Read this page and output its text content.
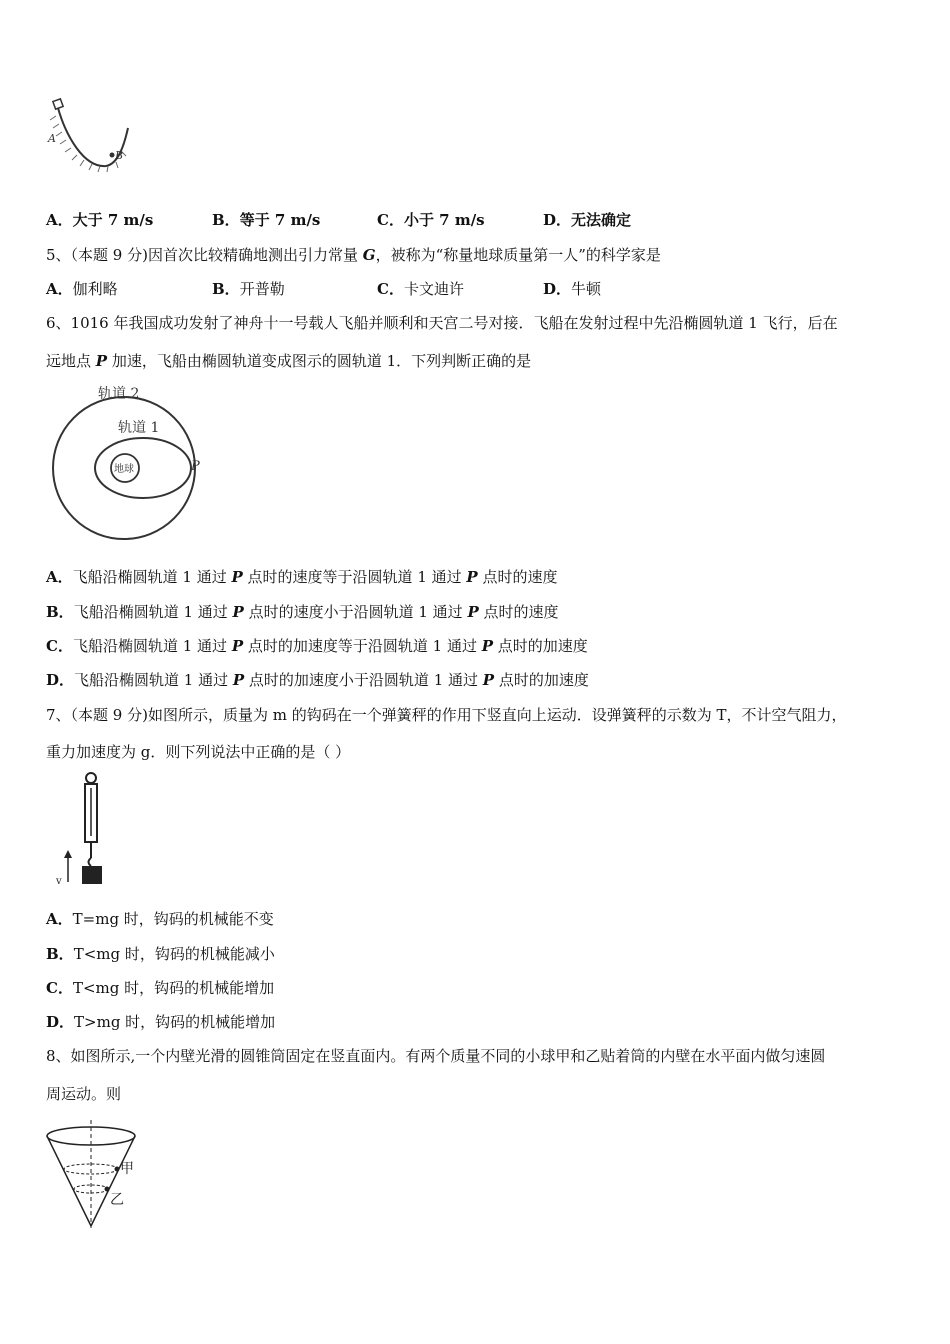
A
B
A．大于 7 m/s	B．等于 7 m/s	C．小于 7 m/s	D．无法确定
5、（本题 9 分)因首次比较精确地测出引力常量 G，被称为“称量地球质量第一人”的科学家是
A．伽利略	B．开普勒	C．卡文迪许	D．牛顿
6、1016 年我国成功发射了神舟十一号载人飞船并顺利和天宫二号对接．飞船在发射过程中先沿椭圆轨道 1 飞行，后在
远地点 P 加速，飞船由椭圆轨道变成图示的圆轨道 1．下列判断正确的是
轨道 2
轨道 1
地球	P
A．飞船沿椭圆轨道 1 通过 P 点时的速度等于沿圆轨道 1 通过 P 点时的速度
B．飞船沿椭圆轨道 1 通过 P 点时的速度小于沿圆轨道 1 通过 P 点时的速度
C．飞船沿椭圆轨道 1 通过 P 点时的加速度等于沿圆轨道 1 通过 P 点时的加速度
D．飞船沿椭圆轨道 1 通过 P 点时的加速度小于沿圆轨道 1 通过 P 点时的加速度
7、（本题 9 分)如图所示，质量为 m 的钩码在一个弹簧秤的作用下竖直向上运动．设弹簧秤的示数为 T，不计空气阻力，
重力加速度为 g．则下列说法中正确的是（ ）
v
A．T=mg 时，钩码的机械能不变
B．T<mg 时，钩码的机械能减小
C．T<mg 时，钩码的机械能增加
D．T>mg 时，钩码的机械能增加
8、如图所示,一个内壁光滑的圆锥筒固定在竖直面内。有两个质量不同的小球甲和乙贴着筒的内壁在水平面内做匀速圆
周运动。则
甲
乙
